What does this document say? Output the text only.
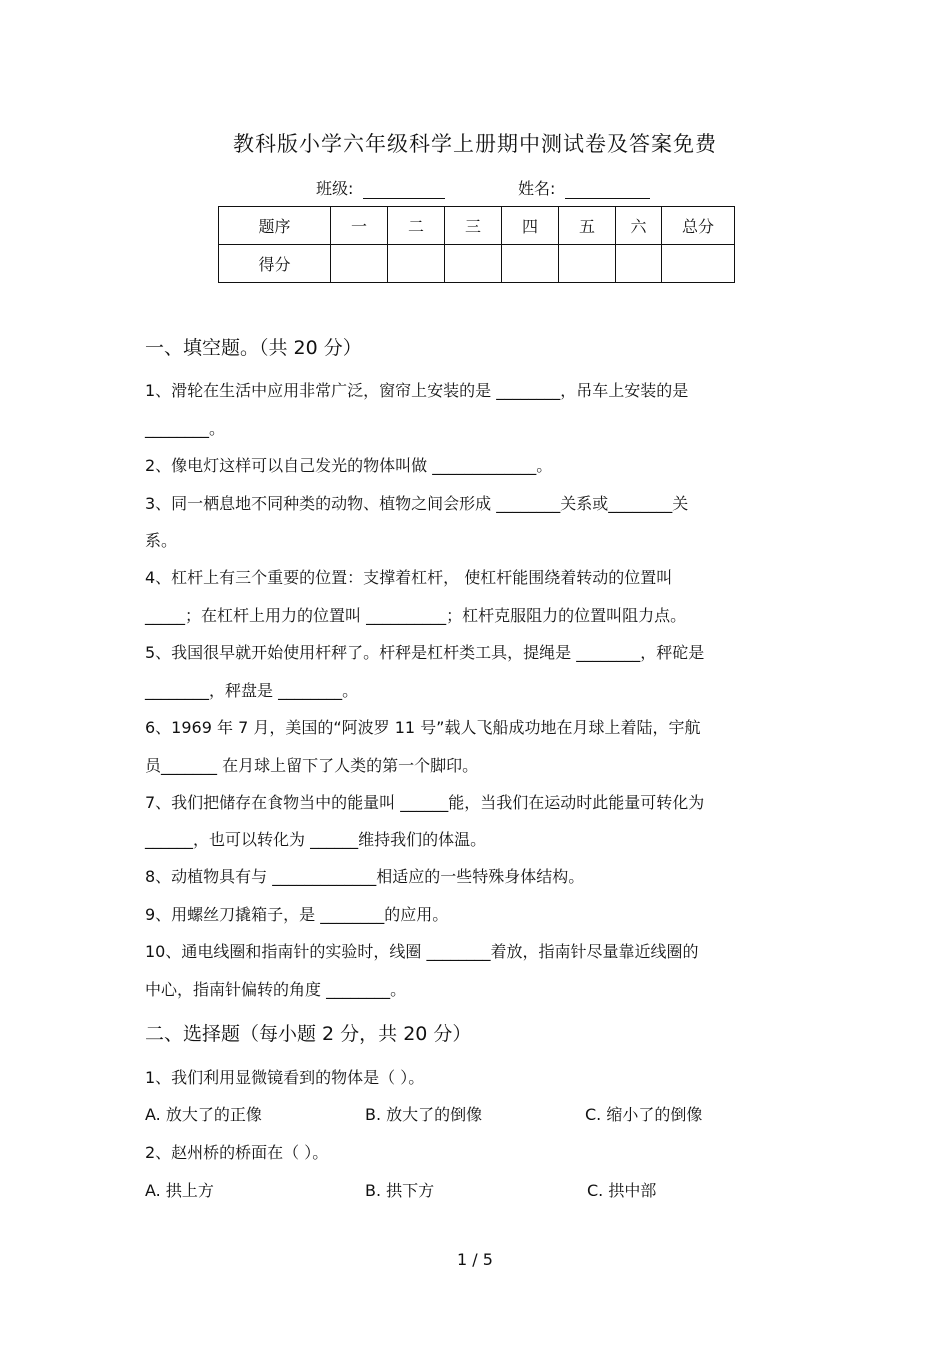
教科版小学六年级科学上册期中测试卷及答案免费
班级:	姓名:
题序	一	二	三	四	五	六	总分
得分							
一、填空题。（共 20 分）
1、滑轮在生活中应用非常广泛，窗帘上安装的是 ________，吊车上安装的是
________。
2、像电灯这样可以自己发光的物体叫做 _____________。
3、同一栖息地不同种类的动物、植物之间会形成 ________关系或________关
系。
4、杠杆上有三个重要的位置：支撑着杠杆， 使杠杆能围绕着转动的位置叫
_____；在杠杆上用力的位置叫 __________；杠杆克服阻力的位置叫阻力点。
5、我国很早就开始使用杆秤了。杆秤是杠杆类工具，提绳是 ________，秤砣是
________，秤盘是 ________。
6、1969 年 7 月，美国的“阿波罗 11 号”载人飞船成功地在月球上着陆，宇航
员_______ 在月球上留下了人类的第一个脚印。
7、我们把储存在食物当中的能量叫 ______能，当我们在运动时此能量可转化为
______，也可以转化为 ______维持我们的体温。
8、动植物具有与 _____________相适应的一些特殊身体结构。
9、用螺丝刀撬箱子，是 ________的应用。
10、通电线圈和指南针的实验时，线圈 ________着放，指南针尽量靠近线圈的
中心，指南针偏转的角度 ________。
二、选择题（每小题 2 分，共 20 分）
1、我们利用显微镜看到的物体是（ ）。
A. 放大了的正像	B. 放大了的倒像	C. 缩小了的倒像
2、赵州桥的桥面在（ ）。
A. 拱上方	B. 拱下方	C. 拱中部
1 / 5
